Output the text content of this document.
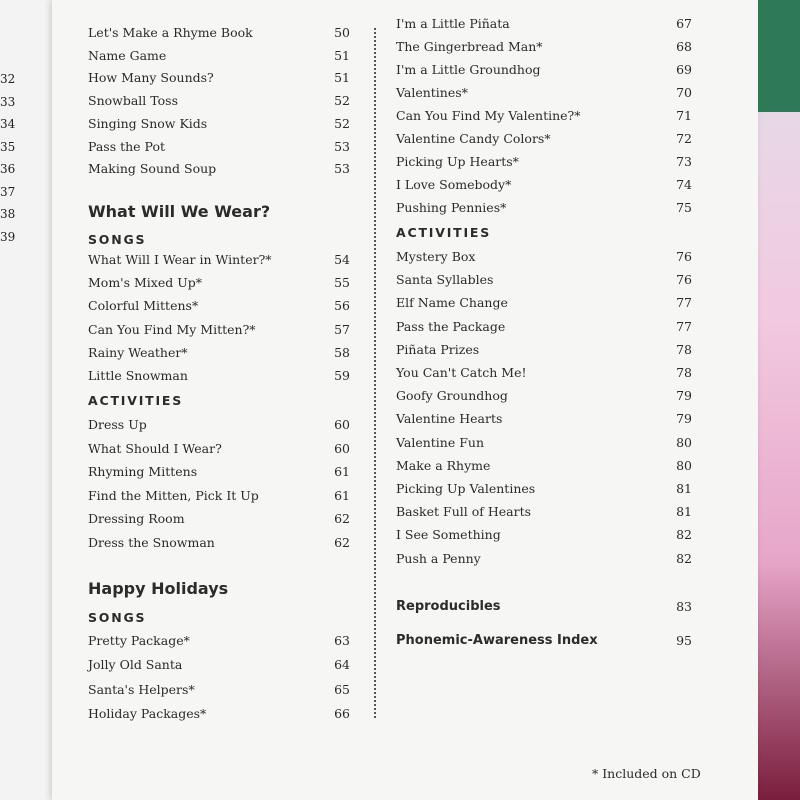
32
33
34
35
36
37
38
39
Let's Make a Rhyme Book	50
Name Game	51
How Many Sounds?	51
Snowball Toss	52
Singing Snow Kids	52
Pass the Pot	53
Making Sound Soup	53
What Will We Wear?
SONGS
What Will I Wear in Winter?*	54
Mom's Mixed Up*	55
Colorful Mittens*	56
Can You Find My Mitten?*	57
Rainy Weather*	58
Little Snowman	59
ACTIVITIES
Dress Up	60
What Should I Wear?	60
Rhyming Mittens	61
Find the Mitten, Pick It Up	61
Dressing Room	62
Dress the Snowman	62
Happy Holidays
SONGS
Pretty Package*	63
Jolly Old Santa	64
Santa's Helpers*	65
Holiday Packages*	66
I'm a Little Piñata	67
The Gingerbread Man*	68
I'm a Little Groundhog	69
Valentines*	70
Can You Find My Valentine?*	71
Valentine Candy Colors*	72
Picking Up Hearts*	73
I Love Somebody*	74
Pushing Pennies*	75
ACTIVITIES
Mystery Box	76
Santa Syllables	76
Elf Name Change	77
Pass the Package	77
Piñata Prizes	78
You Can't Catch Me!	78
Goofy Groundhog	79
Valentine Hearts	79
Valentine Fun	80
Make a Rhyme	80
Picking Up Valentines	81
Basket Full of Hearts	81
I See Something	82
Push a Penny	82
Reproducibles	83
Phonemic-Awareness Index	95
* Included on CD
